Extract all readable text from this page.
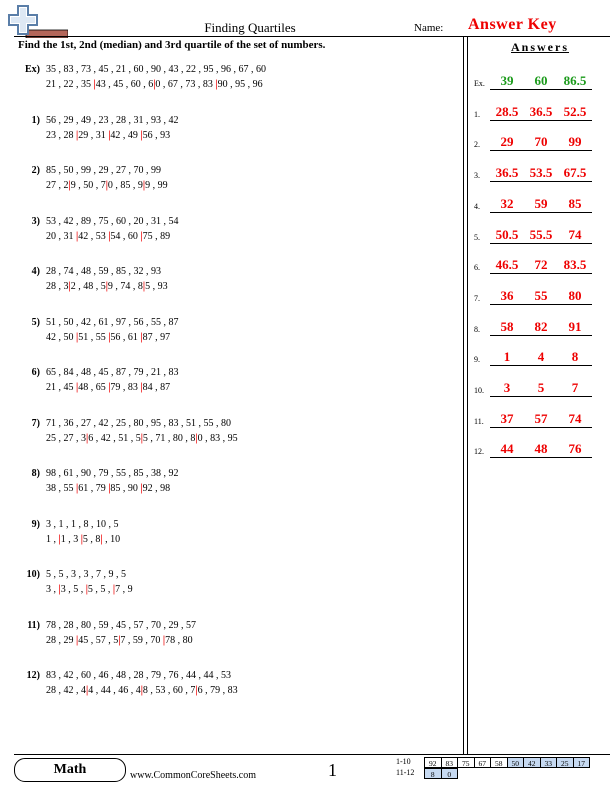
Finding Quartiles	Name: Answer Key
Find the 1st, 2nd (median) and 3rd quartile of the set of numbers.	Answers
Ex) 35 , 83 , 73 , 45 , 21 , 60 , 90 , 43 , 22 , 95 , 96 , 67 , 60
21 , 22 , 35 |43 , 45 , 60 , 6|0 , 67 , 73 , 83 |90 , 95 , 96
1) 56 , 29 , 49 , 23 , 28 , 31 , 93 , 42
23 , 28 |29 , 31 |42 , 49 |56 , 93
2) 85 , 50 , 99 , 29 , 27 , 70 , 99
27 , 2|9 , 50 , 7|0 , 85 , 9|9 , 99
3) 53 , 42 , 89 , 75 , 60 , 20 , 31 , 54
20 , 31 |42 , 53 |54 , 60 |75 , 89
4) 28 , 74 , 48 , 59 , 85 , 32 , 93
28 , 3|2 , 48 , 5|9 , 74 , 8|5 , 93
5) 51 , 50 , 42 , 61 , 97 , 56 , 55 , 87
42 , 50 |51 , 55 |56 , 61 |87 , 97
6) 65 , 84 , 48 , 45 , 87 , 79 , 21 , 83
21 , 45 |48 , 65 |79 , 83 |84 , 87
7) 71 , 36 , 27 , 42 , 25 , 80 , 95 , 83 , 51 , 55 , 80
25 , 27 , 3|6 , 42 , 51 , 5|5 , 71 , 80 , 8|0 , 83 , 95
8) 98 , 61 , 90 , 79 , 55 , 85 , 38 , 92
38 , 55 |61 , 79 |85 , 90 |92 , 98
9) 3 , 1 , 1 , 8 , 10 , 5
1 , |1 , 3 |5 , 8| , 10
10) 5 , 5 , 3 , 3 , 7 , 9 , 5
3 , |3 , 5 , |5 , 5 , |7 , 9
11) 78 , 28 , 80 , 59 , 45 , 57 , 70 , 29 , 57
28 , 29 |45 , 57 , 5|7 , 59 , 70 |78 , 80
12) 83 , 42 , 60 , 46 , 48 , 28 , 79 , 76 , 44 , 44 , 53
28 , 42 , 4|4 , 44 , 46 , 4|8 , 53 , 60 , 7|6 , 79 , 83
Ex.	39	60	86.5
1.	28.5 36.5 52.5
2.	29	70	99
3.	36.5 53.5 67.5
4.	32	59	85
5.	50.5 55.5	74
6.	46.5	72	83.5
7.	36	55	80
8.	58	82	91
9.	1	4	8
10.	3	5	7
11.	37	57	74
12.	44	48	76
Math	www.CommonCoreSheets.com	1	1-10	92	83	75	67	58	50	42	33	25	17
11-12	8	0
